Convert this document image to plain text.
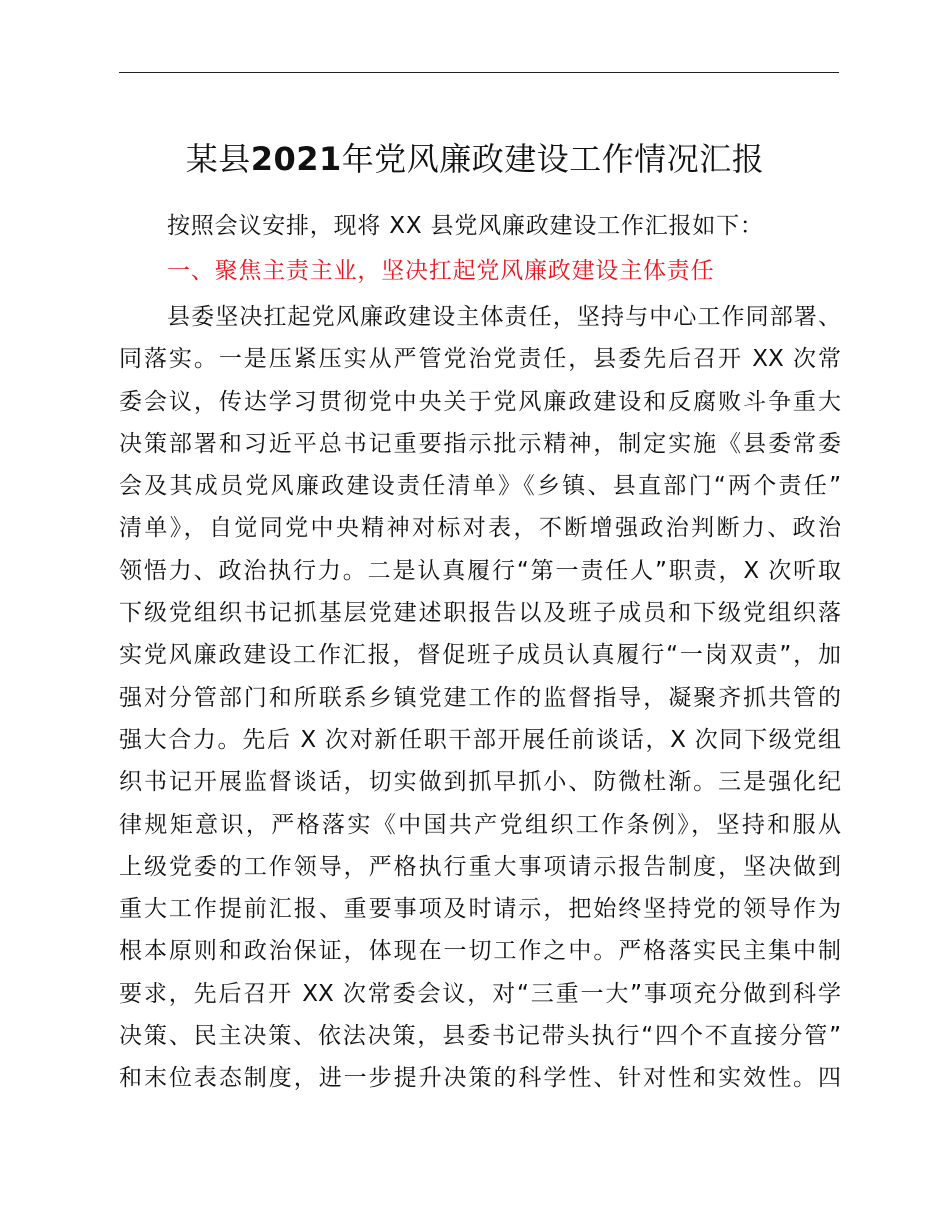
某县2021年党风廉政建设工作情况汇报
按照会议安排，现将 XX 县党风廉政建设工作汇报如下：
一、聚焦主责主业，坚决扛起党风廉政建设主体责任
县委坚决扛起党风廉政建设主体责任，坚持与中心工作同部署、
同落实。一是压紧压实从严管党治党责任，县委先后召开 XX 次常
委会议，传达学习贯彻党中央关于党风廉政建设和反腐败斗争重大
决策部署和习近平总书记重要指示批示精神，制定实施《县委常委
会及其成员党风廉政建设责任清单》《乡镇、县直部门“两个责任”
清单》，自觉同党中央精神对标对表，不断增强政治判断力、政治
领悟力、政治执行力。二是认真履行“第一责任人”职责，X 次听取
下级党组织书记抓基层党建述职报告以及班子成员和下级党组织落
实党风廉政建设工作汇报，督促班子成员认真履行“一岗双责”，加
强对分管部门和所联系乡镇党建工作的监督指导，凝聚齐抓共管的
强大合力。先后 X 次对新任职干部开展任前谈话，X 次同下级党组
织书记开展监督谈话，切实做到抓早抓小、防微杜渐。三是强化纪
律规矩意识，严格落实《中国共产党组织工作条例》，坚持和服从
上级党委的工作领导，严格执行重大事项请示报告制度，坚决做到
重大工作提前汇报、重要事项及时请示，把始终坚持党的领导作为
根本原则和政治保证，体现在一切工作之中。严格落实民主集中制
要求，先后召开 XX 次常委会议，对“三重一大”事项充分做到科学
决策、民主决策、依法决策，县委书记带头执行“四个不直接分管”
和末位表态制度，进一步提升决策的科学性、针对性和实效性。四
